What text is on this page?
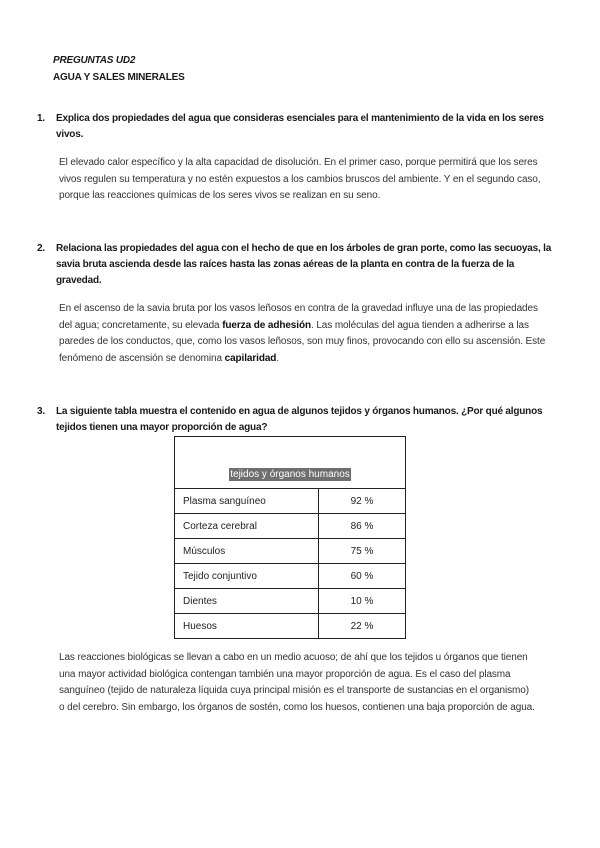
PREGUNTAS UD2
AGUA Y SALES MINERALES
1. Explica dos propiedades del agua que consideras esenciales para el mantenimiento de la vida en los seres
vivos.
El elevado calor específico y la alta capacidad de disolución. En el primer caso, porque permitirá que los seres
vivos regulen su temperatura y no estén expuestos a los cambios bruscos del ambiente. Y en el segundo caso,
porque las reacciones químicas de los seres vivos se realizan en su seno.
2. Relaciona las propiedades del agua con el hecho de que en los árboles de gran porte, como las secuoyas, la
savia bruta ascienda desde las raíces hasta las zonas aéreas de la planta en contra de la fuerza de la
gravedad.
En el ascenso de la savia bruta por los vasos leñosos en contra de la gravedad influye una de las propiedades
del agua; concretamente, su elevada fuerza de adhesión. Las moléculas del agua tienden a adherirse a las
paredes de los conductos, que, como los vasos leñosos, son muy finos, provocando con ello su ascensión. Este
fenómeno de ascensión se denomina capilaridad.
3. La siguiente tabla muestra el contenido en agua de algunos tejidos y órganos humanos. ¿Por qué algunos
tejidos tienen una mayor proporción de agua?
tejidos y órganos humanos	
Plasma sanguíneo	92 %
Corteza cerebral	86 %
Músculos	75 %
Tejido conjuntivo	60 %
Dientes	10 %
Huesos	22 %
Las reacciones biológicas se llevan a cabo en un medio acuoso; de ahí que los tejidos u órganos que tienen
una mayor actividad biológica contengan también una mayor proporción de agua. Es el caso del plasma
sanguíneo (tejido de naturaleza líquida cuya principal misión es el transporte de sustancias en el organismo)
o del cerebro. Sin embargo, los órganos de sostén, como los huesos, contienen una baja proporción de agua.
